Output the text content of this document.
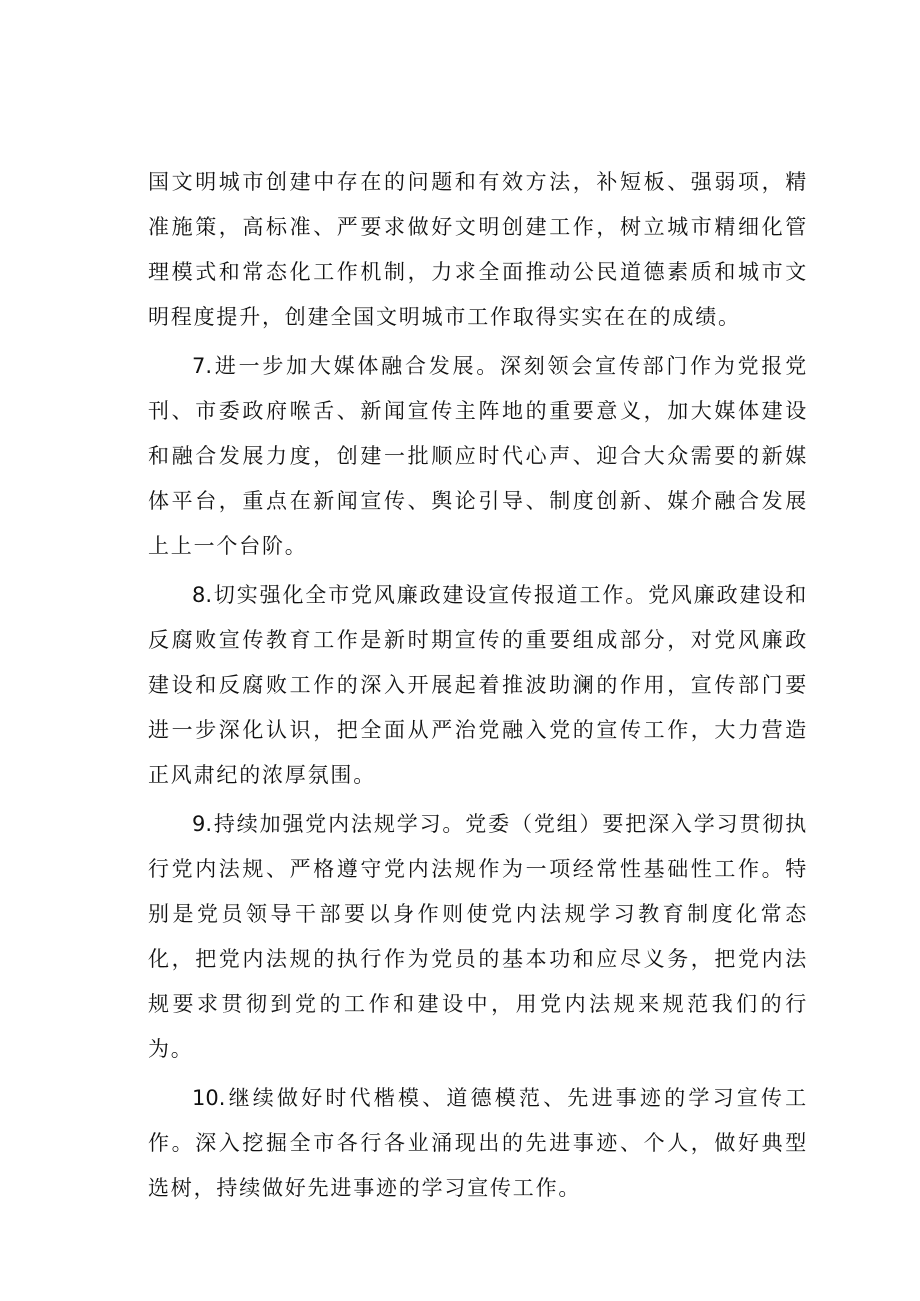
国文明城市创建中存在的问题和有效方法，补短板、强弱项，精准施策，高标准、严要求做好文明创建工作，树立城市精细化管理模式和常态化工作机制，力求全面推动公民道德素质和城市文明程度提升，创建全国文明城市工作取得实实在在的成绩。

7.进一步加大媒体融合发展。深刻领会宣传部门作为党报党刊、市委政府喉舌、新闻宣传主阵地的重要意义，加大媒体建设和融合发展力度，创建一批顺应时代心声、迎合大众需要的新媒体平台，重点在新闻宣传、舆论引导、制度创新、媒介融合发展上上一个台阶。

8.切实强化全市党风廉政建设宣传报道工作。党风廉政建设和反腐败宣传教育工作是新时期宣传的重要组成部分，对党风廉政建设和反腐败工作的深入开展起着推波助澜的作用，宣传部门要进一步深化认识，把全面从严治党融入党的宣传工作，大力营造正风肃纪的浓厚氛围。

9.持续加强党内法规学习。党委（党组）要把深入学习贯彻执行党内法规、严格遵守党内法规作为一项经常性基础性工作。特别是党员领导干部要以身作则使党内法规学习教育制度化常态化，把党内法规的执行作为党员的基本功和应尽义务，把党内法规要求贯彻到党的工作和建设中，用党内法规来规范我们的行为。

10.继续做好时代楷模、道德模范、先进事迹的学习宣传工作。深入挖掘全市各行各业涌现出的先进事迹、个人，做好典型选树，持续做好先进事迹的学习宣传工作。
